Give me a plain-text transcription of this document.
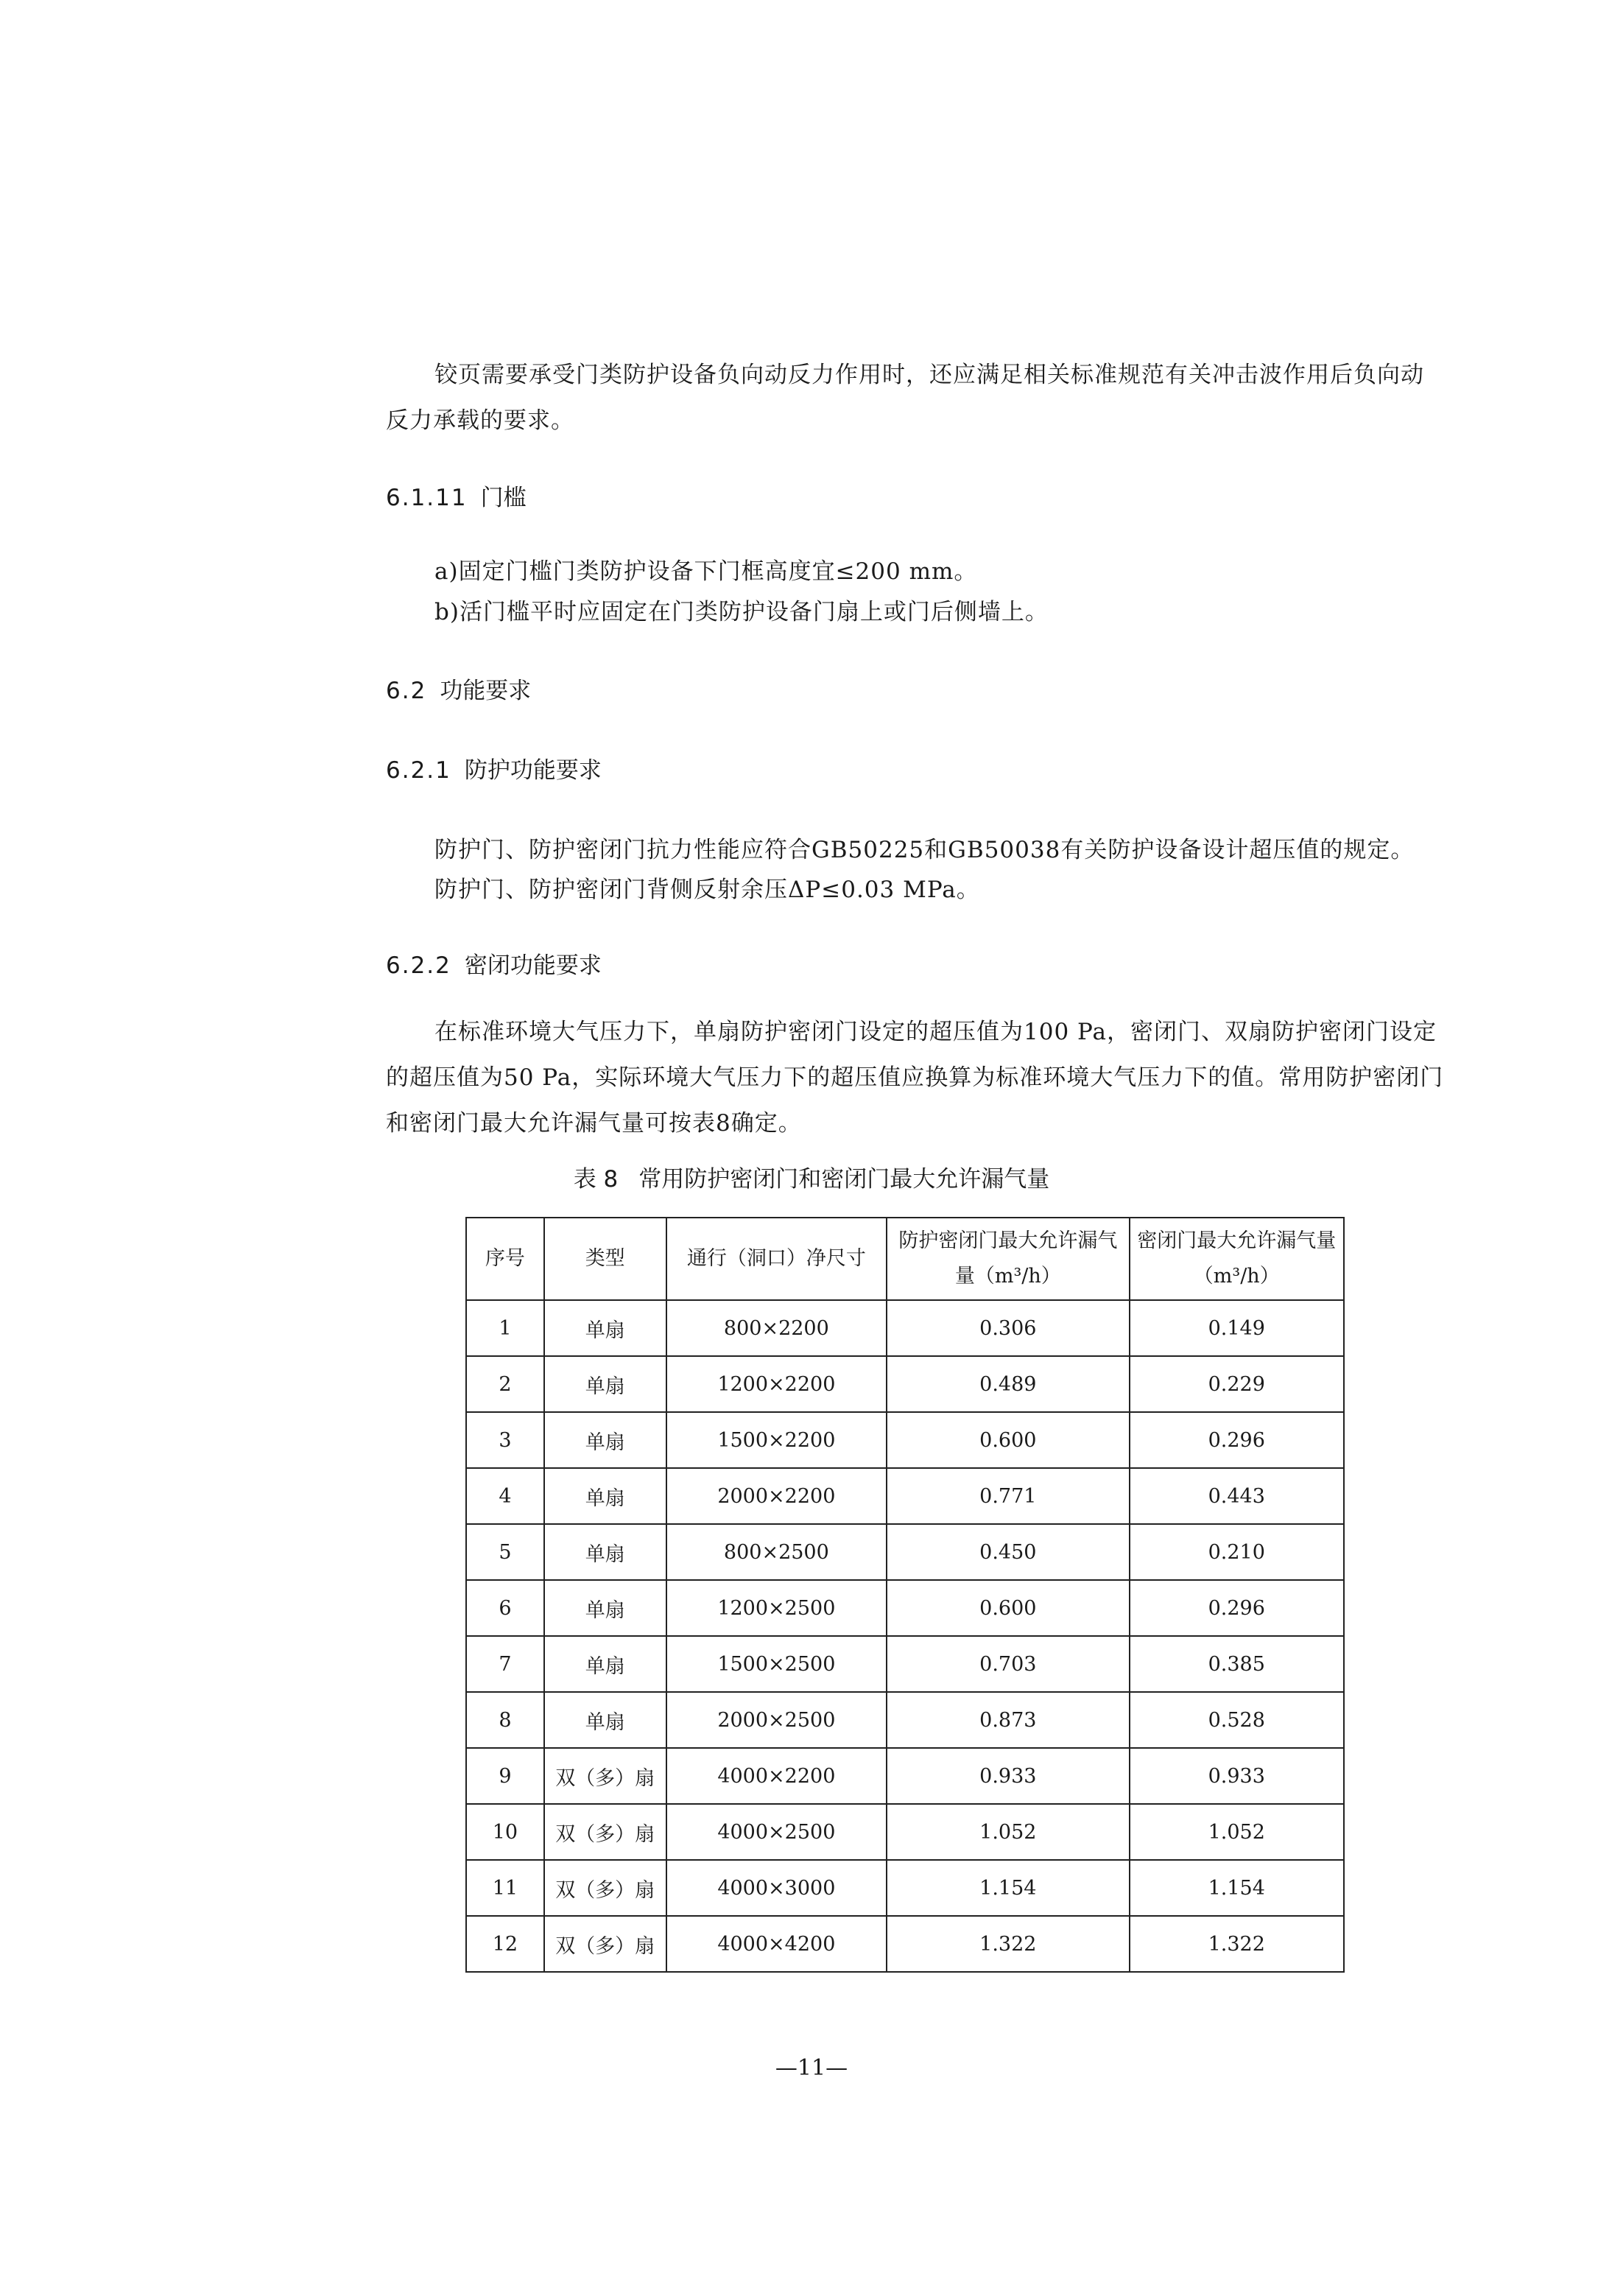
铰页需要承受门类防护设备负向动反力作用时，还应满足相关标准规范有关冲击波作用后负向动反力承载的要求。

6.1.11 门槛

a)固定门槛门类防护设备下门框高度宜≤200 mm。

b)活门槛平时应固定在门类防护设备门扇上或门后侧墙上。

6.2 功能要求

6.2.1 防护功能要求

防护门、防护密闭门抗力性能应符合GB50225和GB50038有关防护设备设计超压值的规定。

防护门、防护密闭门背侧反射余压ΔP≤0.03 MPa。

6.2.2 密闭功能要求

在标准环境大气压力下，单扇防护密闭门设定的超压值为100 Pa，密闭门、双扇防护密闭门设定的超压值为50 Pa，实际环境大气压力下的超压值应换算为标准环境大气压力下的值。常用防护密闭门和密闭门最大允许漏气量可按表8确定。

表 8 常用防护密闭门和密闭门最大允许漏气量

序号	类型	通行（洞口）净尺寸	防护密闭门最大允许漏气量（m³/h）	密闭门最大允许漏气量（m³/h）
1	单扇	800×2200	0.306	0.149
2	单扇	1200×2200	0.489	0.229
3	单扇	1500×2200	0.600	0.296
4	单扇	2000×2200	0.771	0.443
5	单扇	800×2500	0.450	0.210
6	单扇	1200×2500	0.600	0.296
7	单扇	1500×2500	0.703	0.385
8	单扇	2000×2500	0.873	0.528
9	双（多）扇	4000×2200	0.933	0.933
10	双（多）扇	4000×2500	1.052	1.052
11	双（多）扇	4000×3000	1.154	1.154
12	双（多）扇	4000×4200	1.322	1.322

—11—
